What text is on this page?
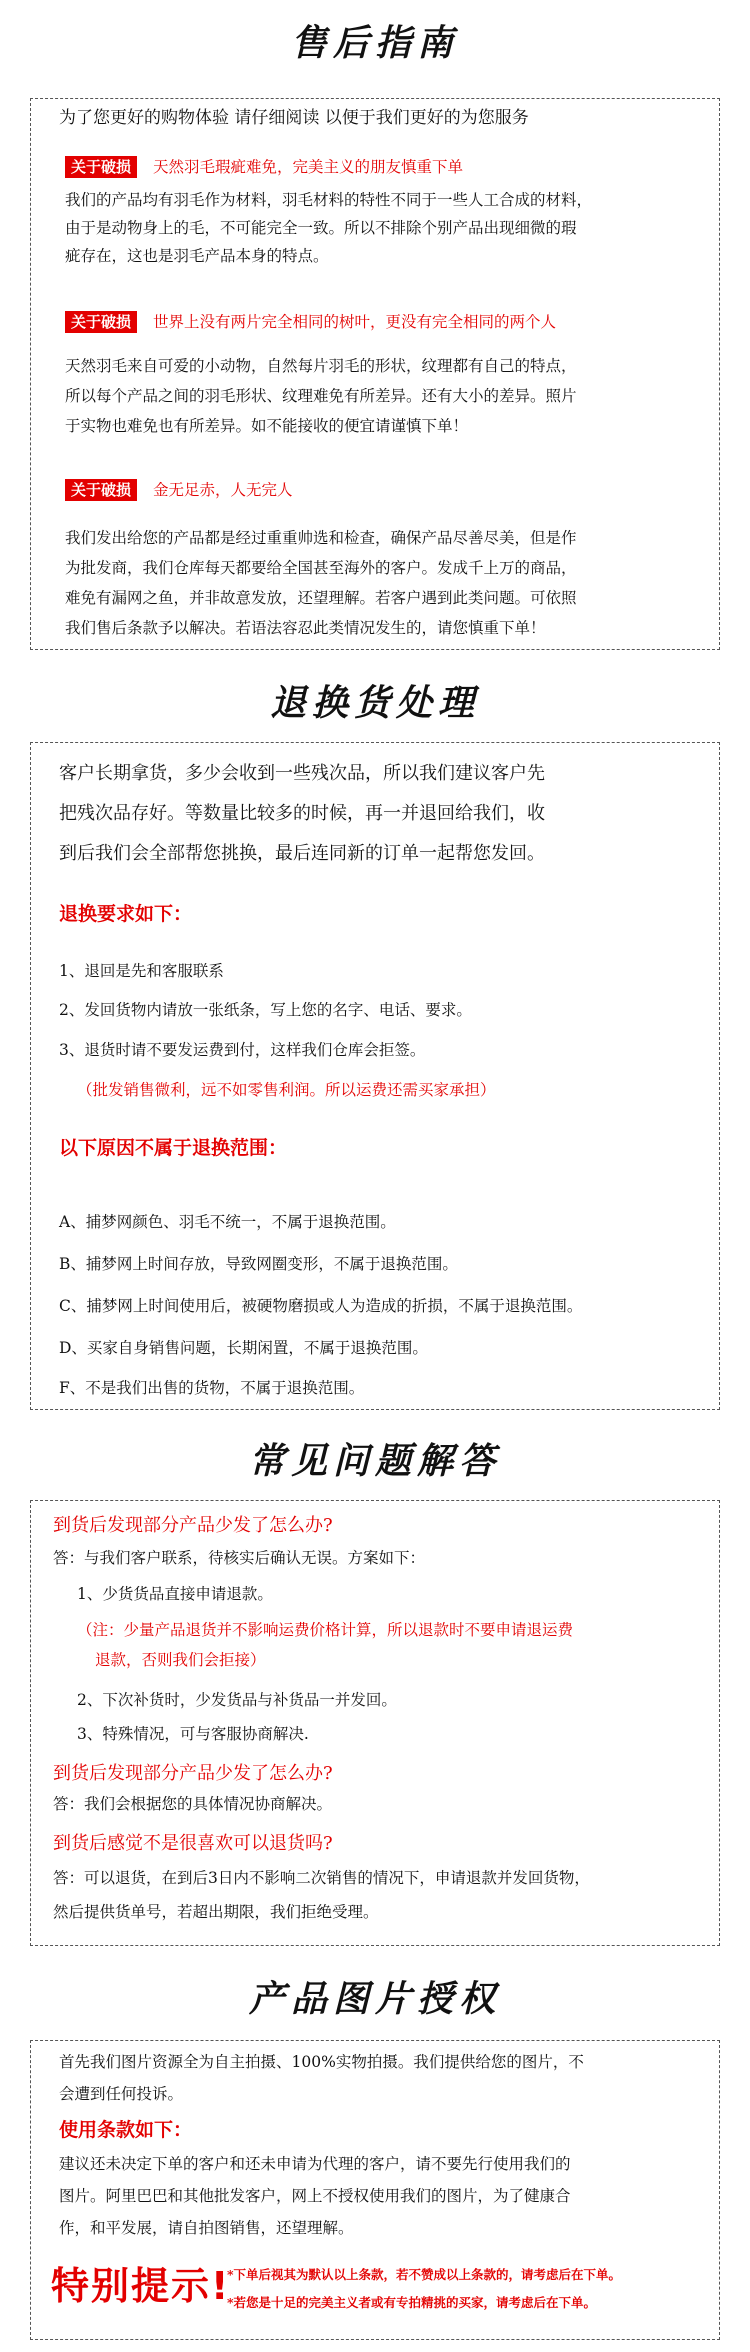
售后指南
为了您更好的购物体验 请仔细阅读 以便于我们更好的为您服务
关于破损	天然羽毛瑕疵难免，完美主义的朋友慎重下单
我们的产品均有羽毛作为材料，羽毛材料的特性不同于一些人工合成的材料，
由于是动物身上的毛，不可能完全一致。所以不排除个别产品出现细微的瑕
疵存在，这也是羽毛产品本身的特点。
关于破损	世界上没有两片完全相同的树叶，更没有完全相同的两个人
天然羽毛来自可爱的小动物，自然每片羽毛的形状，纹理都有自己的特点，
所以每个产品之间的羽毛形状、纹理难免有所差异。还有大小的差异。照片
于实物也难免也有所差异。如不能接收的便宜请谨慎下单！
关于破损	金无足赤，人无完人
我们发出给您的产品都是经过重重帅选和检查，确保产品尽善尽美，但是作
为批发商，我们仓库每天都要给全国甚至海外的客户。发成千上万的商品，
难免有漏网之鱼，并非故意发放，还望理解。若客户遇到此类问题。可依照
我们售后条款予以解决。若语法容忍此类情况发生的，请您慎重下单！
退换货处理
客户长期拿货，多少会收到一些残次品，所以我们建议客户先
把残次品存好。等数量比较多的时候，再一并退回给我们，收
到后我们会全部帮您挑换，最后连同新的订单一起帮您发回。
退换要求如下：
1、退回是先和客服联系
2、发回货物内请放一张纸条，写上您的名字、电话、要求。
3、退货时请不要发运费到付，这样我们仓库会拒签。
（批发销售微利，远不如零售利润。所以运费还需买家承担）
以下原因不属于退换范围：
A、捕梦网颜色、羽毛不统一，不属于退换范围。
B、捕梦网上时间存放，导致网圈变形，不属于退换范围。
C、捕梦网上时间使用后，被硬物磨损或人为造成的折损，不属于退换范围。
D、买家自身销售问题，长期闲置，不属于退换范围。
F、不是我们出售的货物，不属于退换范围。
常见问题解答
到货后发现部分产品少发了怎么办?
答：与我们客户联系，待核实后确认无误。方案如下：
1、少货货品直接申请退款。
（注：少量产品退货并不影响运费价格计算，所以退款时不要申请退运费
退款，否则我们会拒接）
2、下次补货时，少发货品与补货品一并发回。
3、特殊情况，可与客服协商解决.
到货后发现部分产品少发了怎么办?
答：我们会根据您的具体情况协商解决。
到货后感觉不是很喜欢可以退货吗?
答：可以退货，在到后3日内不影响二次销售的情况下，申请退款并发回货物，
然后提供货单号，若超出期限，我们拒绝受理。
产品图片授权
首先我们图片资源全为自主拍摄、100%实物拍摄。我们提供给您的图片，不
会遭到任何投诉。
使用条款如下：
建议还未决定下单的客户和还未申请为代理的客户，请不要先行使用我们的
图片。阿里巴巴和其他批发客户，网上不授权使用我们的图片，为了健康合
作，和平发展，请自拍图销售，还望理解。
特别提示!
*下单后视其为默认以上条款，若不赞成以上条款的，请考虑后在下单。
*若您是十足的完美主义者或有专拍精挑的买家，请考虑后在下单。
